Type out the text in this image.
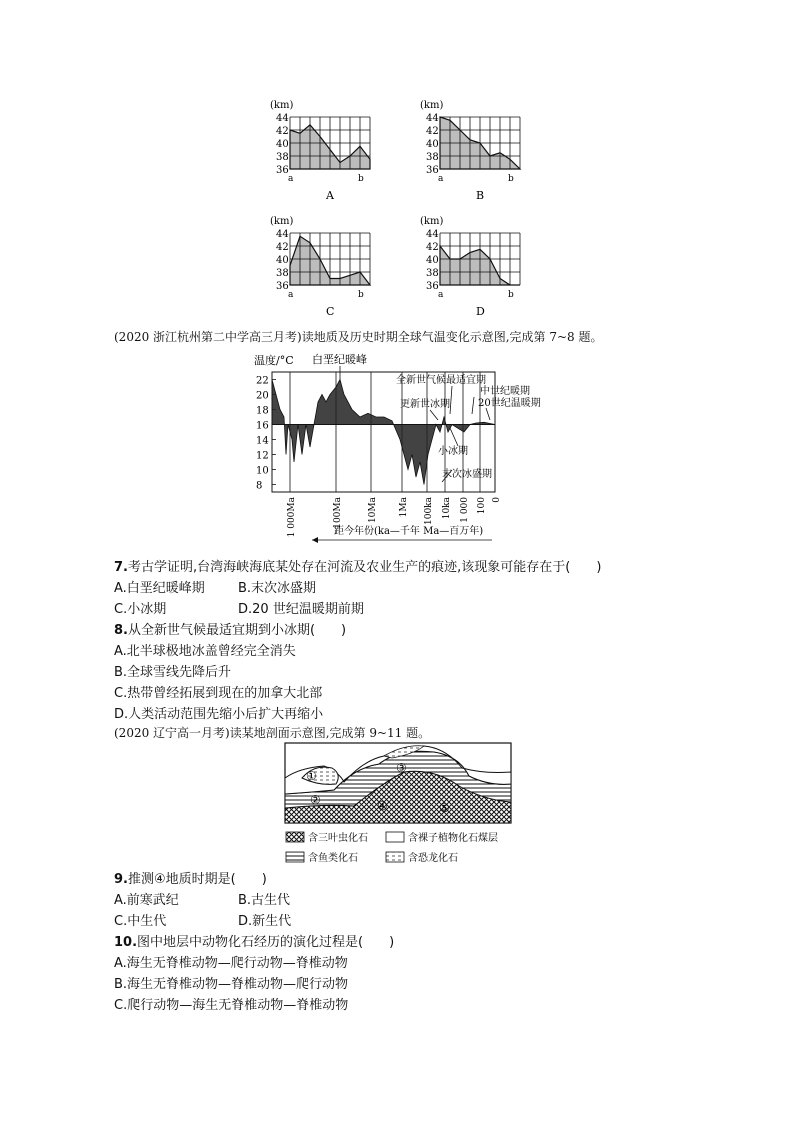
(km)
44
42
40
38
36
a	b
A
(km)
44
42
40
38
36
a	b
B
(km)
44
42
40
38
36
a	b
C
(km)
44
42
40
38
36
a	b
D
(2020 浙江杭州第二中学高三月考)读地质及历史时期全球气温变化示意图,完成第 7~8 题。
温度/°C 白垩纪暖峰
全新世气候最适宜期
中世纪暖期
更新世冰期	20世纪温暖期
小冰期
末次冰盛期
距今年份(ka—千年 Ma—百万年)
22
20
18
16
14
12
10
8
1 000Ma	100Ma	10Ma 1Ma 100ka 10ka 1 000 100 0
7.考古学证明,台湾海峡海底某处存在河流及农业生产的痕迹,该现象可能存在于(　　)
A.白垩纪暖峰期	B.末次冰盛期
C.小冰期	D.20 世纪温暖期前期
8.从全新世气候最适宜期到小冰期(　　)
A.北半球极地冰盖曾经完全消失
B.全球雪线先降后升
C.热带曾经拓展到现在的加拿大北部
D.人类活动范围先缩小后扩大再缩小
(2020 辽宁高一月考)读某地剖面示意图,完成第 9~11 题。
①
②
③
④	⑤
含三叶虫化石	含裸子植物化石煤层
含鱼类化石	含恐龙化石
9.推测④地质时期是(　　)
A.前寒武纪	B.古生代
C.中生代	D.新生代
10.图中地层中动物化石经历的演化过程是(　　)
A.海生无脊椎动物—爬行动物—脊椎动物
B.海生无脊椎动物—脊椎动物—爬行动物
C.爬行动物—海生无脊椎动物—脊椎动物
